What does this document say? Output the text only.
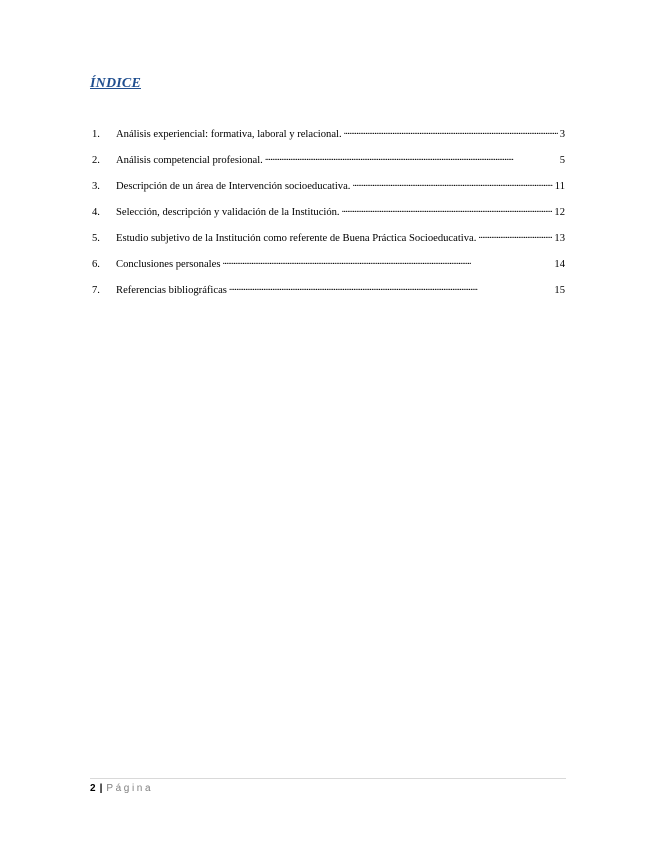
ÍNDICE
1.	Análisis experiencial: formativa, laboral y relacional. . . .	3
2.	Análisis competencial profesional. . . .	5
3.	Descripción de un área de Intervención socioeducativa. . . .	11
4.	Selección, descripción y validación de la Institución. . . .	12
5.	Estudio subjetivo de la Institución como referente de Buena Práctica Socioeducativa. . . .	13
6.	Conclusiones personales . . .	14
7.	Referencias bibliográficas . . .	15
2 | Página
